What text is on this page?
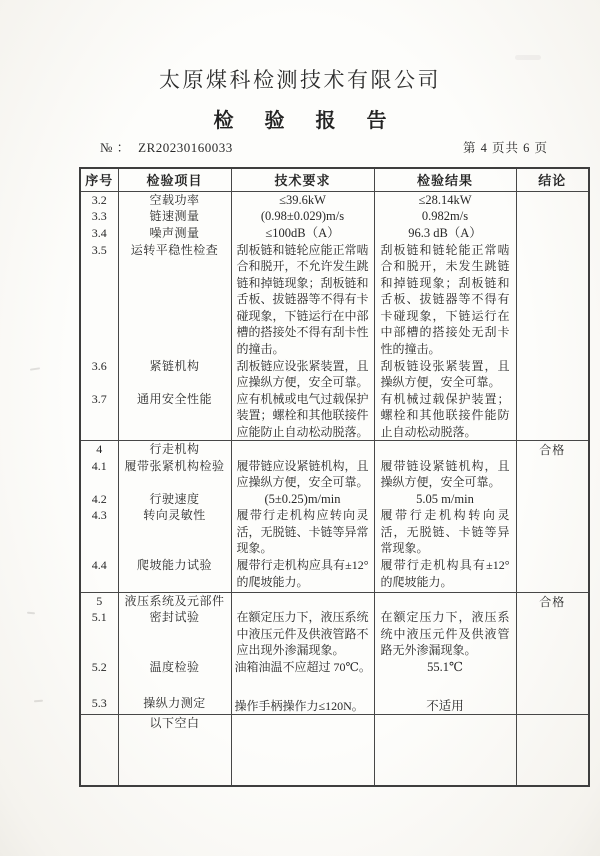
太原煤科检测技术有限公司
检 验 报 告
№ ： ZR20230160033	第 4 页共 6 页
序号	检验项目	技术要求	检验结果	结论
3.2	空载功率	≤39.6kW	≤28.14kW	
3.3	链速测量	(0.98±0.029)m/s	0.982m/s	
3.4	噪声测量	≤100dB（A）	96.3 dB（A）	
3.5	运转平稳性检查	刮板链和链轮应能正常啮合和脱开，不允许发生跳链和掉链现象；刮板链和舌板、拔链器等不得有卡碰现象，下链运行在中部槽的搭接处不得有刮卡性的撞击。	刮板链和链轮能正常啮合和脱开，未发生跳链和掉链现象；刮板链和舌板、拔链器等不得有卡碰现象，下链运行在中部槽的搭接处无刮卡性的撞击。	
3.6	紧链机构	刮板链应设张紧装置，且应操纵方便，安全可靠。	刮板链设张紧装置，且操纵方便，安全可靠。	
3.7	通用安全性能	应有机械或电气过载保护装置；螺栓和其他联接件应能防止自动松动脱落。	有机械过载保护装置；螺栓和其他联接件能防止自动松动脱落。	
4	行走机构			合格
4.1	履带张紧机构检验	履带链应设紧链机构，且应操纵方便，安全可靠。	履带链设紧链机构，且操纵方便，安全可靠。	
4.2	行驶速度	(5±0.25)m/min	5.05 m/min	
4.3	转向灵敏性	履带行走机构应转向灵活，无脱链、卡链等异常现象。	履带行走机构转向灵活，无脱链、卡链等异常现象。	
4.4	爬坡能力试验	履带行走机构应具有±12°的爬坡能力。	履带行走机构具有±12°的爬坡能力。	
5	液压系统及元部件			合格
5.1	密封试验	在额定压力下，液压系统中液压元件及供液管路不应出现外渗漏现象。	在额定压力下，液压系统中液压元件及供液管路无外渗漏现象。	
5.2	温度检验	油箱油温不应超过 70℃。	55.1℃	
5.3	操纵力测定	操作手柄操作力≤120N。	不适用	
	以下空白			
